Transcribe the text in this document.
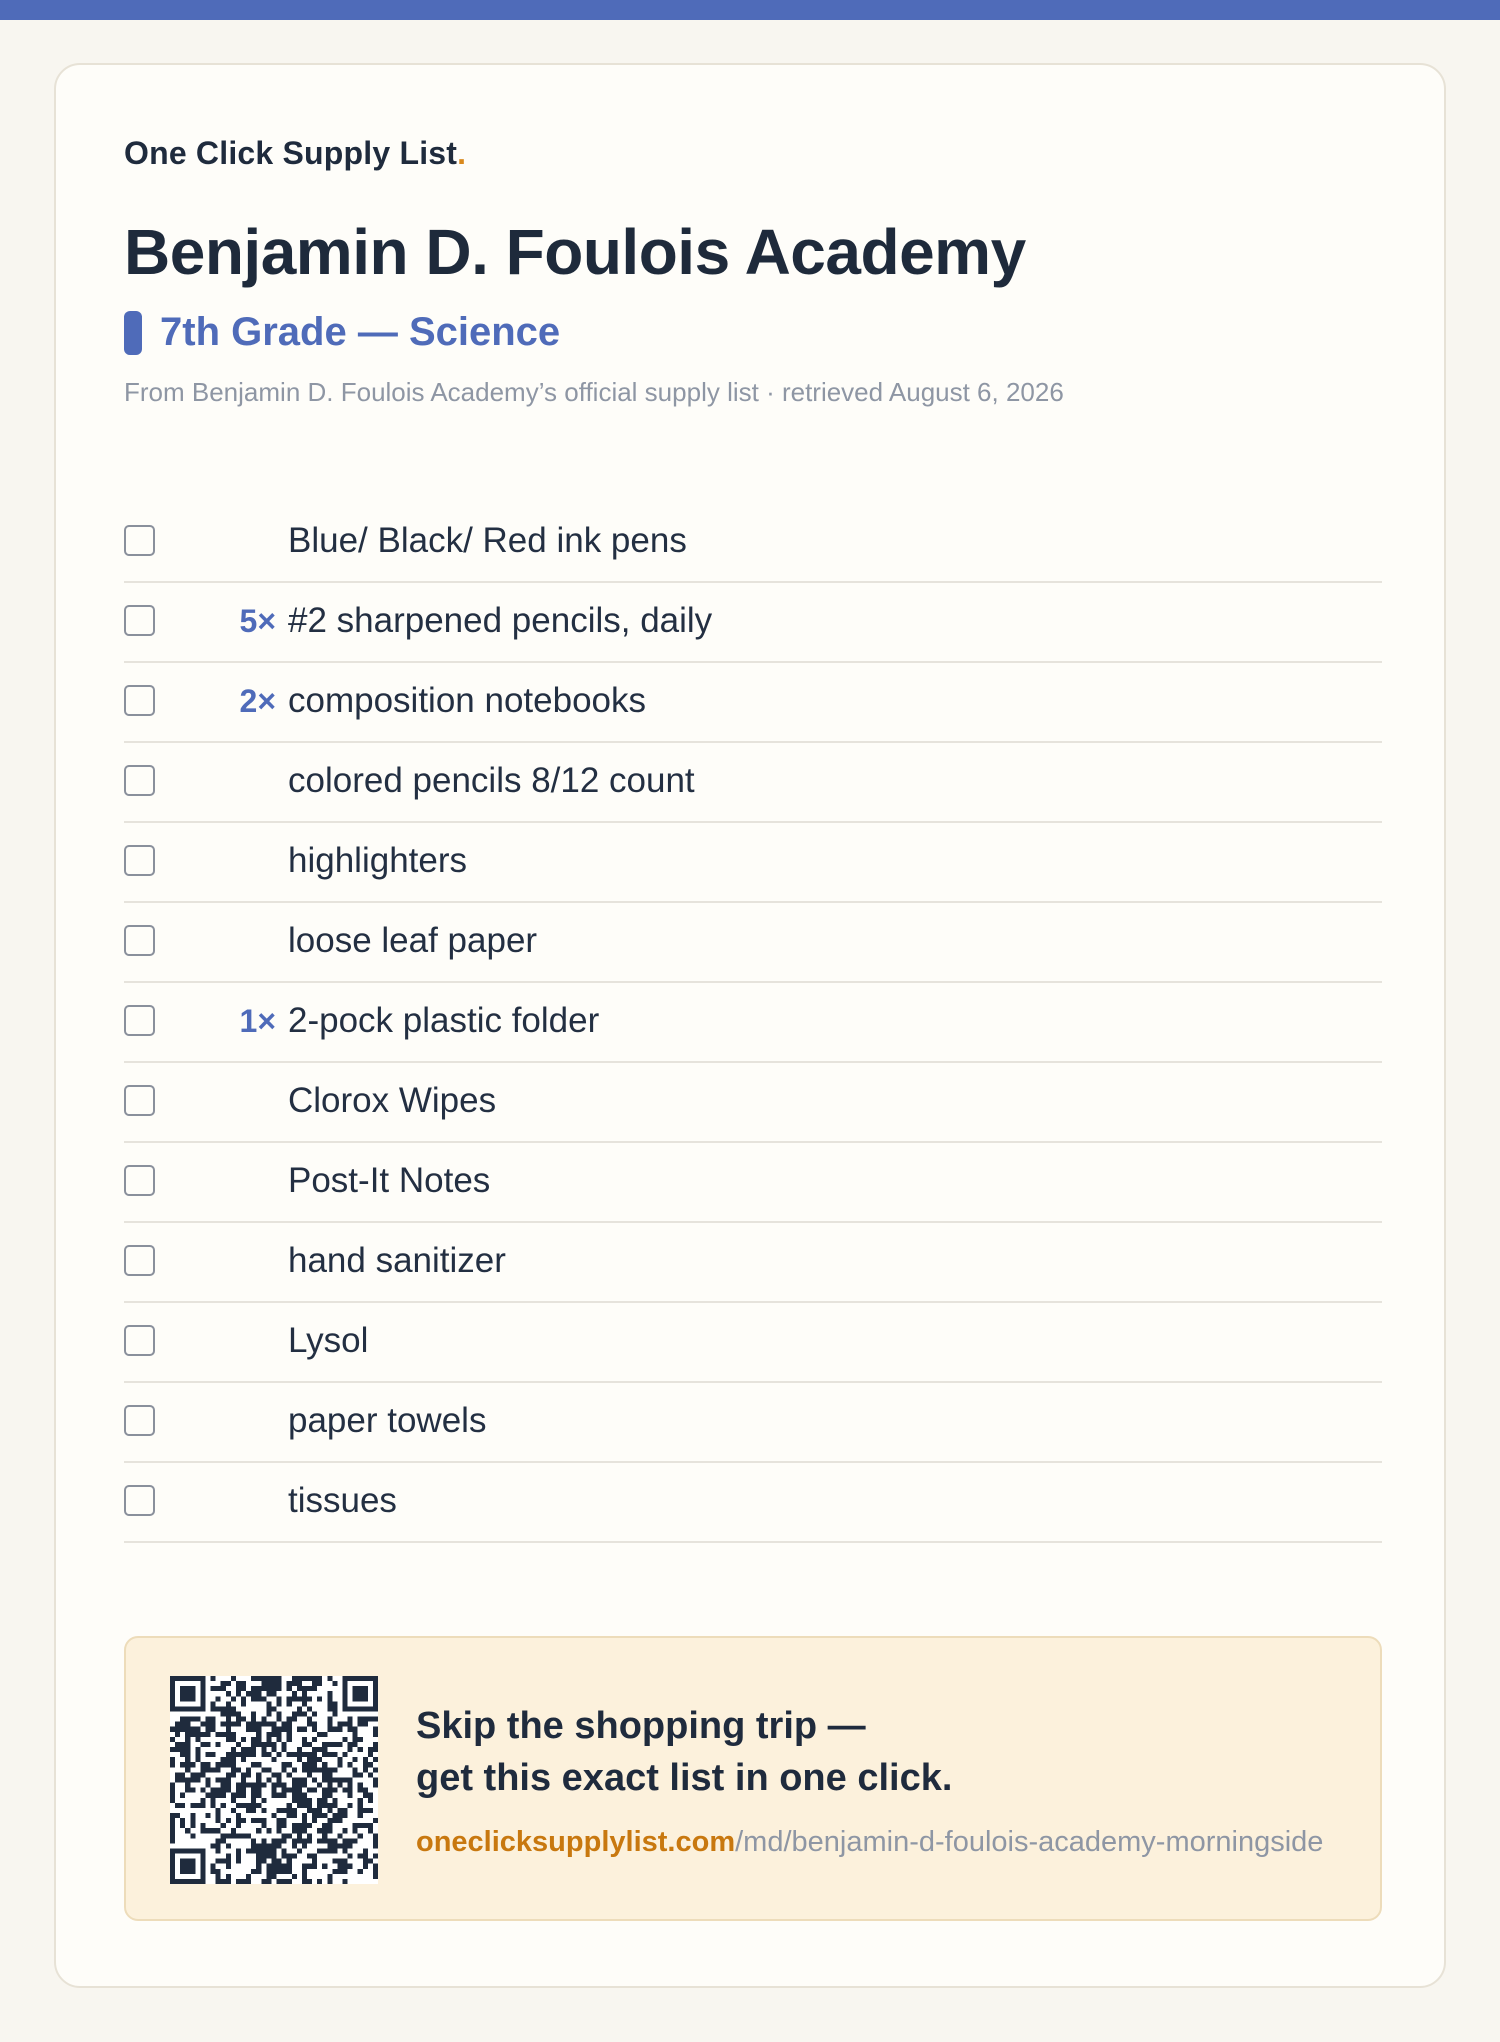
One Click Supply List.
Benjamin D. Foulois Academy
7th Grade — Science
From Benjamin D. Foulois Academy’s official supply list · retrieved August 6, 2026
Blue/ Black/ Red ink pens
5× #2 sharpened pencils, daily
2× composition notebooks
colored pencils 8/12 count
highlighters
loose leaf paper
1× 2-pock plastic folder
Clorox Wipes
Post-It Notes
hand sanitizer
Lysol
paper towels
tissues
Skip the shopping trip —
get this exact list in one click.
oneclicksupplylist.com/md/benjamin-d-foulois-academy-morningside
